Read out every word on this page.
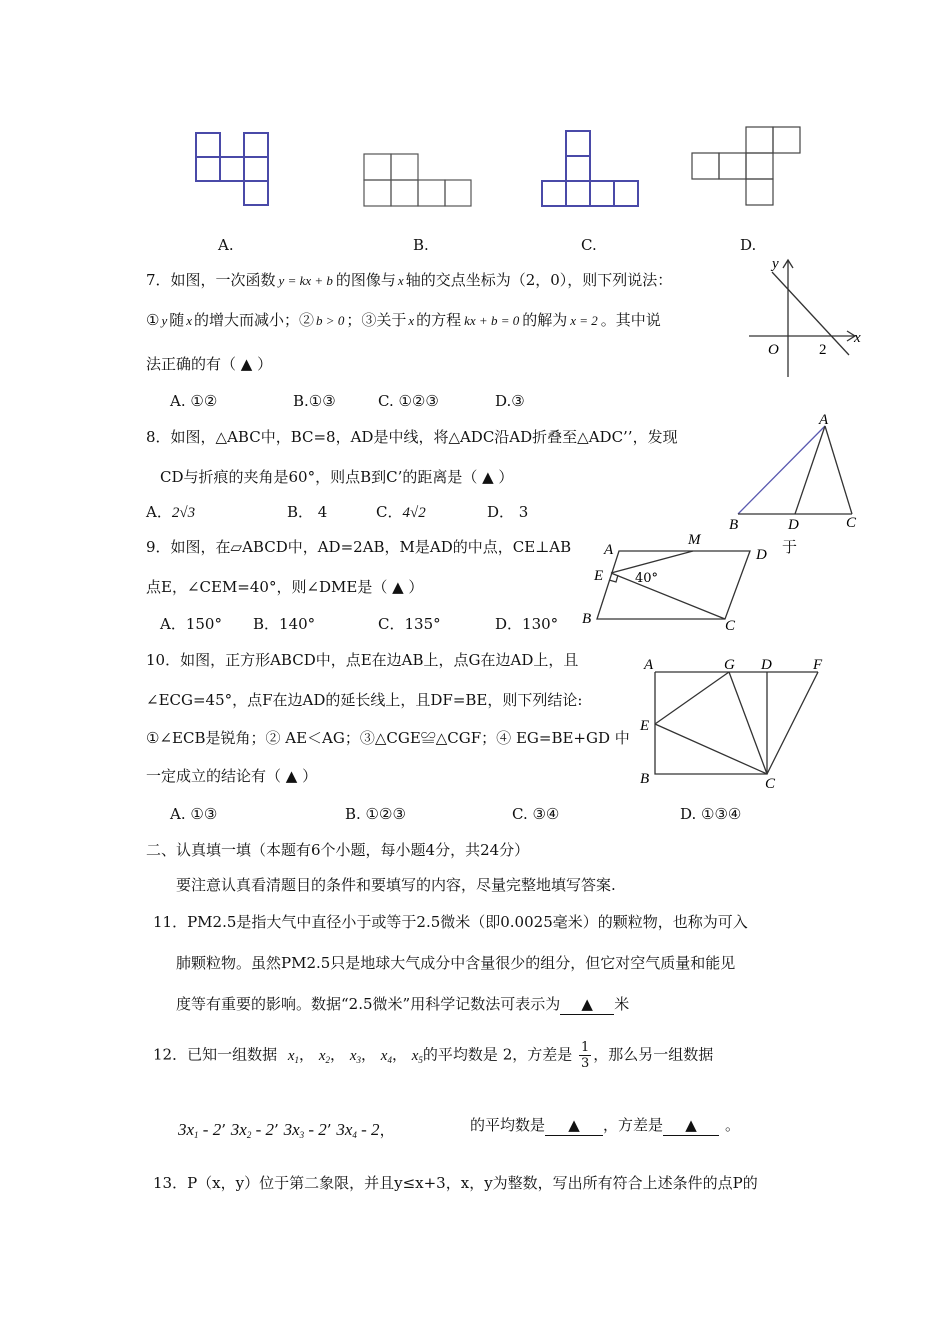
A.	B.	C.	D.
7．如图，一次函数 y = kx + b 的图像与 x 轴的交点坐标为（2，0），则下列说法：
① y 随 x 的增大而减小；② b > 0 ；③关于 x 的方程 kx + b = 0 的解为 x = 2 。其中说
法正确的有（ ▲ ）
A. ①②	B.①③	C. ①②③	D.③
y
x
O	2
8．如图，△ABC中，BC=8，AD是中线，将△ADC沿AD折叠至△ADC’’，发现
CD与折痕的夹角是60°，则点B到C’的距离是（ ▲ ）
A．2√3	B． 4	C．4√2	D． 3
A
B	D	C
9．如图，在▱ABCD中，AD=2AB，M是AD的中点，CE⊥AB	于
点E，∠CEM=40°，则∠DME是（ ▲ ）
A．150° B．140°	C．135°	D．130°
A
M
D
E 40°
B	C
10．如图，正方形ABCD中，点E在边AB上，点G在边AD上，且
∠ECG=45°，点F在边AD的延长线上，且DF=BE，则下列结论:
①∠ECB是锐角；② AE＜AG；③△CGE≌△CGF；④ EG=BE+GD 中
一定成立的结论有（ ▲ ）
A. ①③	B. ①②③	C. ③④	D. ①③④
A	G D	F
E
B	C
二、认真填一填（本题有6个小题，每小题4分，共24分）
要注意认真看清题目的条件和要填写的内容，尽量完整地填写答案.
11．PM2.5是指大气中直径小于或等于2.5微米（即0.0025毫米）的颗粒物，也称为可入
肺颗粒物。虽然PM2.5只是地球大气成分中含量很少的组分，但它对空气质量和能见
度等有重要的影响。数据“2.5微米”用科学记数法可表示为 ▲ 米
12．已知一组数据 $x_1$， $x_2$， $x_3$， $x_4$， $x_5$的平均数是 2，方差是 $\frac{1}{3}$ ，那么另一组数据
$3x_1 - 2$’ $3x_2 - 2$’ $3x_3 - 2$’ $3x_4 - 2$，	的平均数是 ▲ ，方差是 ▲ 。
13．P（x，y）位于第二象限，并且y≤x+3，x，y为整数，写出所有符合上述条件的点P的
